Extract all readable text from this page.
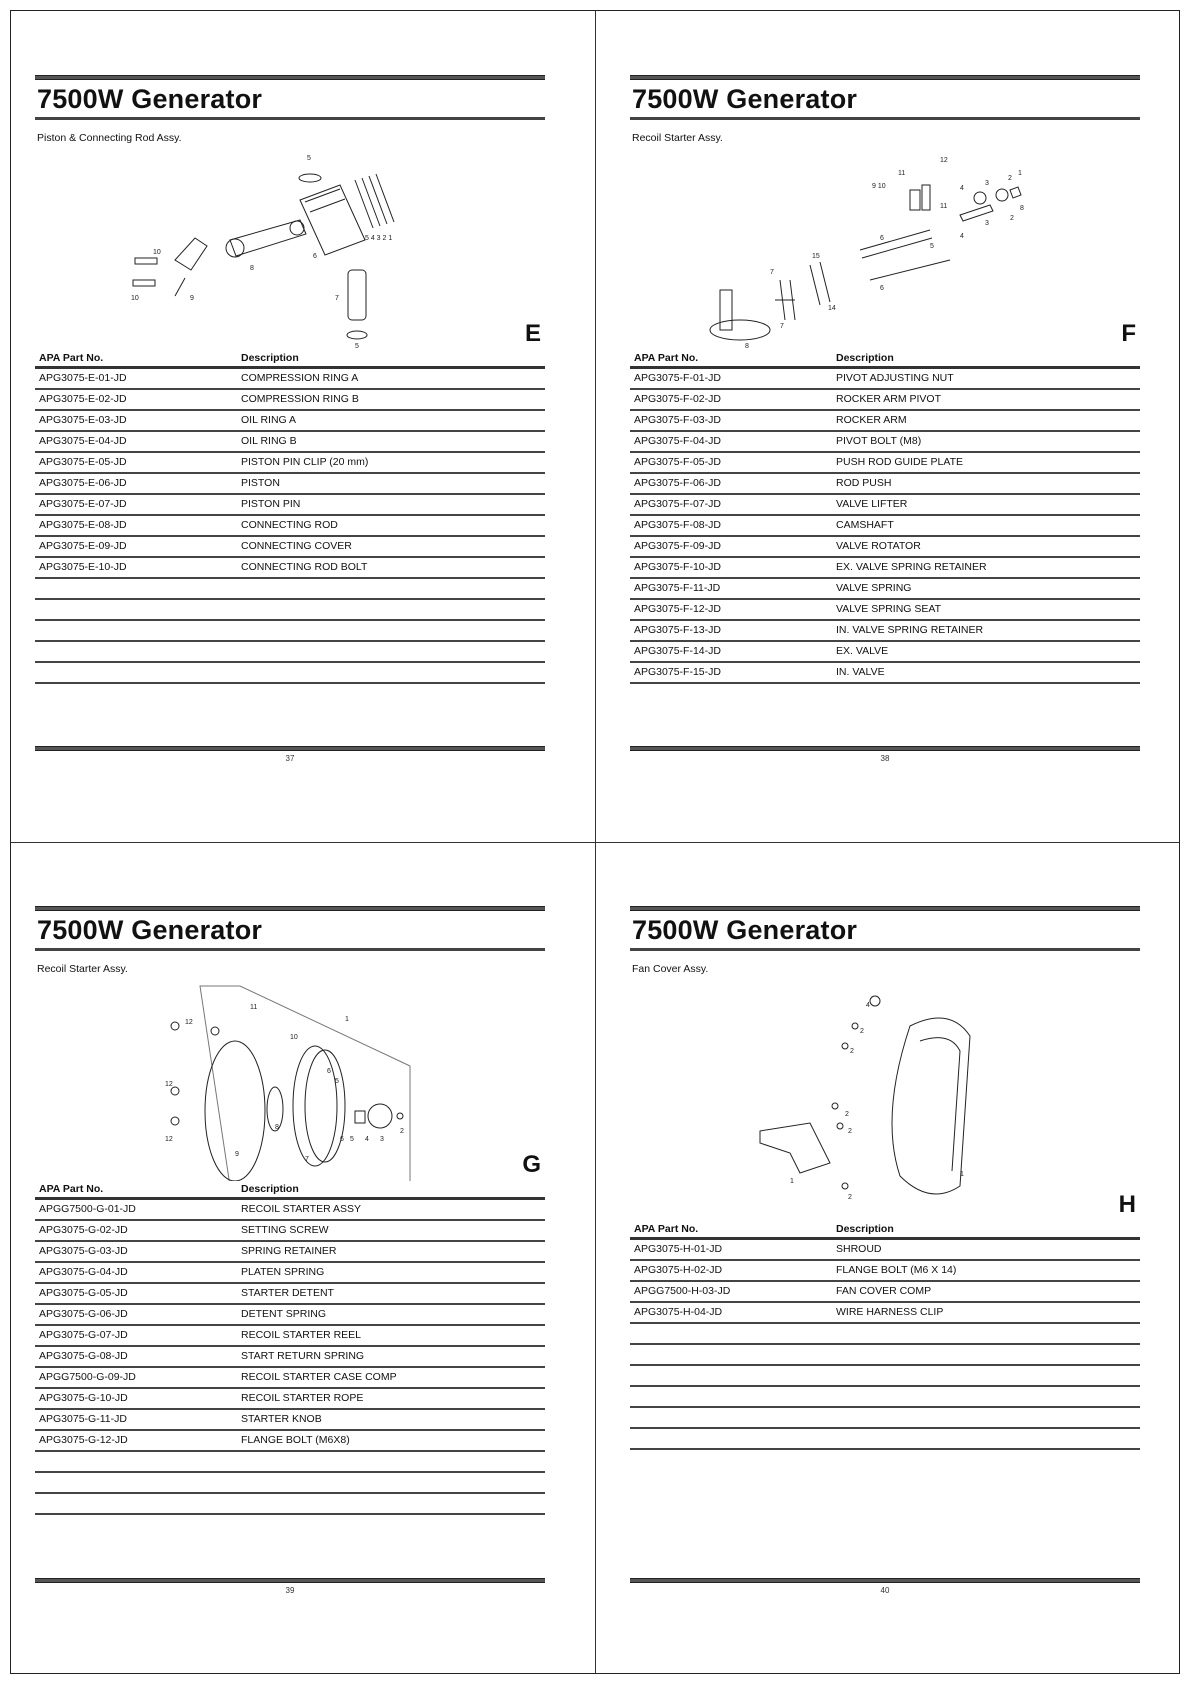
7500W Generator
Piston & Connecting Rod Assy.
5
5 4 3 2 1
10
10	9
8
6
7
5	E
APA Part No.	Description
APG3075-E-01-JD	COMPRESSION RING A
APG3075-E-02-JD	COMPRESSION RING B
APG3075-E-03-JD	OIL RING A
APG3075-E-04-JD	OIL RING B
APG3075-E-05-JD	PISTON PIN CLIP (20 mm)
APG3075-E-06-JD	PISTON
APG3075-E-07-JD	PISTON PIN
APG3075-E-08-JD	CONNECTING ROD
APG3075-E-09-JD	CONNECTING COVER
APG3075-E-10-JD	CONNECTING ROD BOLT
37
7500W Generator
Recoil Starter Assy.
12
11
9 10
11
4
3
2
1
8
3
2
4
5
6
6
15
14
7
7
8	F
APA Part No.	Description
APG3075-F-01-JD	PIVOT ADJUSTING NUT
APG3075-F-02-JD	ROCKER ARM PIVOT
APG3075-F-03-JD	ROCKER ARM
APG3075-F-04-JD	PIVOT BOLT (M8)
APG3075-F-05-JD	PUSH ROD GUIDE PLATE
APG3075-F-06-JD	ROD PUSH
APG3075-F-07-JD	VALVE LIFTER
APG3075-F-08-JD	CAMSHAFT
APG3075-F-09-JD	VALVE ROTATOR
APG3075-F-10-JD	EX. VALVE SPRING RETAINER
APG3075-F-11-JD	VALVE SPRING
APG3075-F-12-JD	VALVE SPRING SEAT
APG3075-F-13-JD	IN. VALVE SPRING RETAINER
APG3075-F-14-JD	EX. VALVE
APG3075-F-15-JD	IN. VALVE
38
7500W Generator
Recoil Starter Assy.
11
1
12
12
12
10
6
5
8
6 5 4 3
2
9
7	G
APA Part No.	Description
APGG7500-G-01-JD	RECOIL STARTER ASSY
APG3075-G-02-JD	SETTING SCREW
APG3075-G-03-JD	SPRING RETAINER
APG3075-G-04-JD	PLATEN SPRING
APG3075-G-05-JD	STARTER DETENT
APG3075-G-06-JD	DETENT SPRING
APG3075-G-07-JD	RECOIL STARTER REEL
APG3075-G-08-JD	START RETURN SPRING
APGG7500-G-09-JD	RECOIL STARTER CASE COMP
APG3075-G-10-JD	RECOIL STARTER ROPE
APG3075-G-11-JD	STARTER KNOB
APG3075-G-12-JD	FLANGE BOLT (M6X8)
39
7500W Generator
Fan Cover Assy.
4
2
2
2
2
1
1
2	H
APA Part No.	Description
APG3075-H-01-JD	SHROUD
APG3075-H-02-JD	FLANGE BOLT (M6 X 14)
APGG7500-H-03-JD	FAN COVER COMP
APG3075-H-04-JD	WIRE HARNESS CLIP
40
